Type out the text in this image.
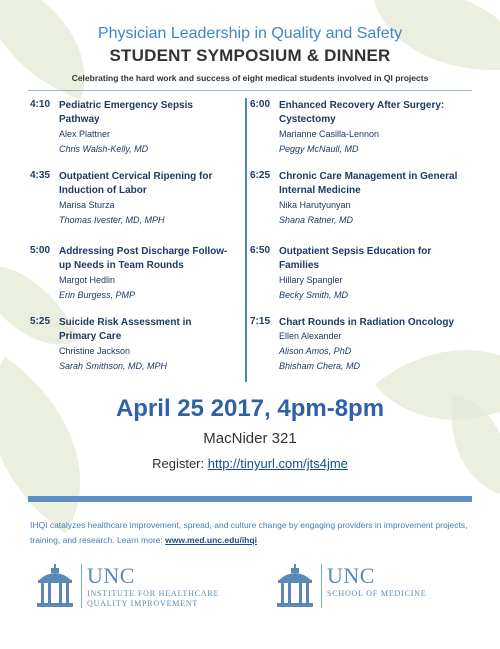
Physician Leadership in Quality and Safety
STUDENT SYMPOSIUM & DINNER
Celebrating the hard work and success of eight medical students involved in QI projects
4:10 Pediatric Emergency Sepsis
Pathway
Alex Plattner
Chris Walsh-Kelly, MD
4:35 Outpatient Cervical Ripening for
Induction of Labor
Marisa Sturza
Thomas Ivester, MD, MPH
5:00 Addressing Post Discharge Follow-
up Needs in Team Rounds
Margot Hedlin
Erin Burgess, PMP
5:25 Suicide Risk Assessment in
Primary Care
Christine Jackson
Sarah Smithson, MD, MPH
6:00 Enhanced Recovery After Surgery:
Cystectomy
Marianne Casilla-Lennon
Peggy McNaull, MD
6:25 Chronic Care Management in General
Internal Medicine
Nika Harutyunyan
Shana Ratner, MD
6:50 Outpatient Sepsis Education for
Families
Hillary Spangler
Becky Smith, MD
7:15 Chart Rounds in Radiation Oncology
Ellen Alexander
Alison Amos, PhD
Bhisham Chera, MD
April 25 2017, 4pm-8pm
MacNider 321
Register: http://tinyurl.com/jts4jme
IHQI catalyzes healthcare improvement, spread, and culture change by engaging providers in improvement projects, training, and research. Learn more: www.med.unc.edu/ihqi
UNC
INSTITUTE FOR HEALTHCARE
QUALITY IMPROVEMENT
UNC
SCHOOL OF MEDICINE
